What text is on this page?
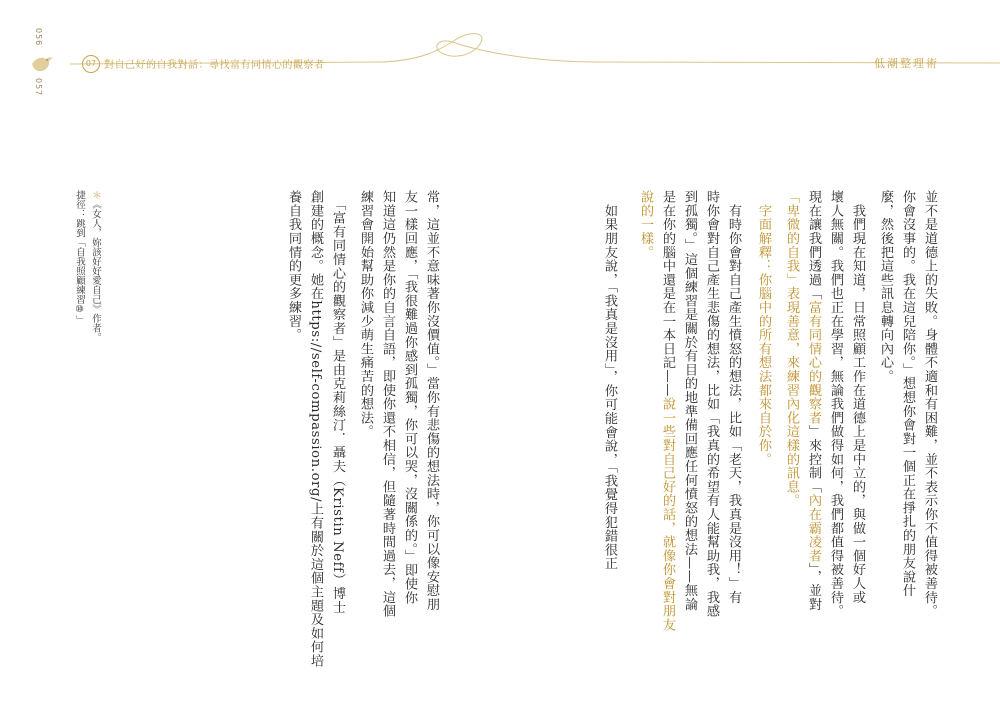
056
057
07 對自己好的自我對話：尋找富有同情心的觀察者	低潮整理術
並不是道德上的失敗。身體不適和有困難，並不表示你不值得被善待。
你會沒事的。我在這兒陪你。」想想你會對一個正在掙扎的朋友說什
麼，然後把這些訊息轉向內心。
　我們現在知道，日常照顧工作在道德上是中立的，與做一個好人或
壞人無關。我們也正在學習，無論我們做得如何，我們都值得被善待。
現在讓我們透過「富有同情心的觀察者」來控制「內在霸凌者」，並對
「卑微的自我」表現善意，來練習內化這樣的訊息。
　字面解釋：你腦中的所有想法都來自於你。
　有時你會對自己產生憤怒的想法，比如「老天，我真是沒用！」有
時你會對自己產生悲傷的想法，比如「我真的希望有人能幫助我，我感
到孤獨。」這個練習是關於有目的地準備回應任何憤怒的想法——無論
是在你的腦中還是在一本日記——說一些對自己好的話，就像你會對朋友
說的一樣。
　如果朋友說，「我真是沒用」，你可能會說，「我覺得犯錯很正
常，這並不意味著你沒價值。」當你有悲傷的想法時，你可以像安慰朋
友一樣回應，「我很難過你感到孤獨，你可以哭，沒關係的。」即使你
知道這仍然是你的自言自語，即使你還不相信，但隨著時間過去，這個
練習會開始幫助你減少萌生痛苦的想法。
　「富有同情心的觀察者」是由克莉絲汀．聶夫（Kristin Neff）博士
創建的概念。她在https://self-compassion.org/上有關於這個主題及如何培
養自我同情的更多練習。
＊《女人，妳該好好愛自己》作者。
捷徑：跳到「自我照顧練習⑩」
